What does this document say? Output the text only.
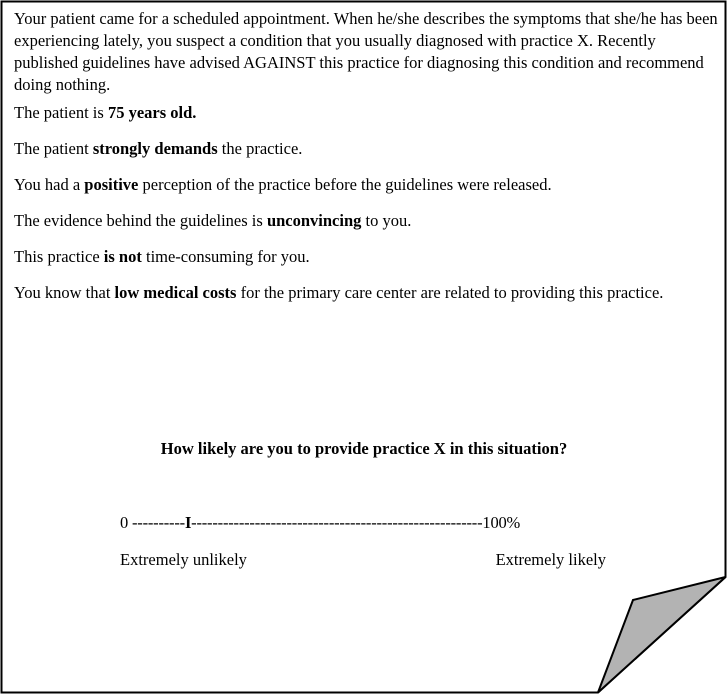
Your patient came for a scheduled appointment. When he/she describes the symptoms that she/he has been experiencing lately, you suspect a condition that you usually diagnosed with practice X. Recently published guidelines have advised AGAINST this practice for diagnosing this condition and recommend doing nothing.
The patient is 75 years old.
The patient strongly demands the practice.
You had a positive perception of the practice before the guidelines were released.
The evidence behind the guidelines is unconvincing to you.
This practice is not time-consuming for you.
You know that low medical costs for the primary care center are related to providing this practice.
How likely are you to provide practice X in this situation?
0 ----------I-------------------------------------------------------100%
Extremely unlikely	Extremely likely
